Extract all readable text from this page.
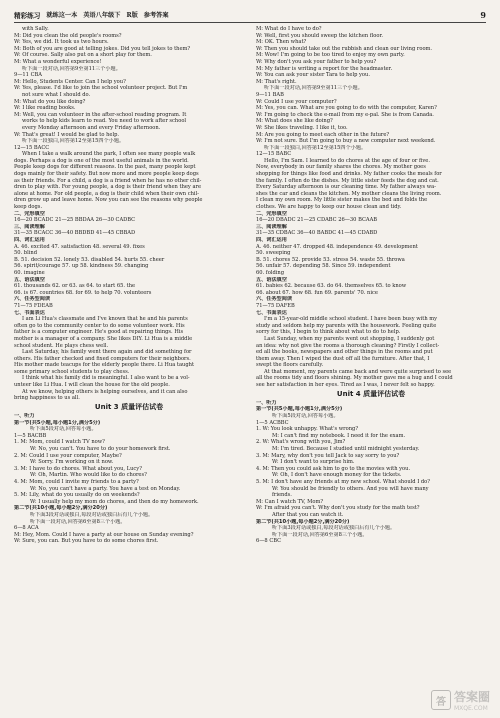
精彩练习 就练这一本 英语八年级下 R版 参考答案	9
with Sally.
M: Did you clean the old people's rooms?
W: Yes, we did. It took us two hours.
M: Both of you are good at telling jokes. Did you tell jokes to them?
W: Of course. Sally also put on a short play for them.
M: What a wonderful experience!
听下面一段对话,回答第9至第11三个小题。
9—11 CBA
M: Hello, Students Center. Can I help you?
W: Yes, please. I'd like to join the school volunteer project. But I'm
not sure what I should do.
M: What do you like doing?
W: I like reading books.
M: Well, you can volunteer in the after-school reading program. It
works to help kids learn to read. You need to work after school
every Monday afternoon and every Friday afternoon.
W: That's great! I would be glad to help.
听下面一段独白,回答第12至第15四个小题。
12—15 BACC
When I take a walk around the park, I often see many people walk
dogs. Perhaps a dog is one of the most useful animals in the world.
People keep dogs for different reasons. In the past, many people kept
dogs mainly for their safety. But now more and more people keep dogs
as their friends. For a child, a dog is a friend when he has no other chil-
dren to play with. For young people, a dog is their friend when they are
alone at home. For old people, a dog is their child when their own chil-
dren grow up and leave home. Now you can see the reasons why people
keep dogs.
二、完形填空
16—20 BCADC 21—25 BBDAA 26—30 CADBC
三、阅读理解
31—35 BCACC 36—40 BBDBD 41—45 CBBAD
四、词汇运用
A. 46. excited 47. satisfaction 48. several 49. fixes
50. blind
B. 51. decision 52. lonely 53. disabled 54. hurts 55. cheer
56. spirit/courage 57. up 58. kindness 59. changing
60. imagine
五、语法填空
61. thousands 62. or 63. as 64. to start 65. the
66. is 67. countries 68. for 69. to help 70. volunteers
六、任务型阅读
71—75 FDEAB
七、书面表达
I am Li Hua's classmate and I've known that he and his parents
often go to the community center to do some volunteer work. His
father is a computer engineer. He's good at repairing things. His
mother is a manager of a company. She likes DIY. Li Hua is a middle
school student. He plays chess well.
Last Saturday, his family went there again and did something for
others. His father checked and fixed computers for their neighbors.
His mother made teacups for the elderly people there. Li Hua taught
some primary school students to play chess.
I think what his family did is meaningful. I also want to be a vol-
unteer like Li Hua. I will clean the house for the old people.
At we know, helping others is helping ourselves, and it can also
bring happiness to us all.
Unit 3 质量评估试卷
一、听力
第一节(共5小题,每小题1分,满分5分)
听下面5段对话,回答每小题。
1—5 BACBB
1. M: Mom, could I watch TV now?
W: No, you can't. You have to do your homework first.
2. M: Could I use your computer, Maybe?
W: Sorry. I'm working on it now.
3. M: I have to do chores. What about you, Lucy?
W: Oh, Martin. Who would like to do chores?
4. M: Mom, could I invite my friends to a party?
W: No, you can't have a party. You have a test on Monday.
5. M: Lily, what do you usually do on weekends?
W: I usually help my mom do chores, and then do my homework.
第二节(共10小题,每小题2分,满分20分)
听下面3段对话或独白,每段对话或独白后有几个小题。
听下面一段对话,回答第6至第8三个小题。
6—8 ACA
M: Hey, Mom. Could I have a party at our house on Sunday evening?
W: Sure, you can. But you have to do some chores first.
M: What do I have to do?
W: Well, first you should sweep the kitchen floor.
M: OK. Then what?
W: Then you should take out the rubbish and clean our living room.
M: Wow! I'm going to be too tired to enjoy my own party.
W: Why don't you ask your father to help you?
M: My father is writing a report for the headmaster.
W: You can ask your sister Tara to help you.
M: That's right.
听下面一段对话,回答第9至第11三个小题。
9—11 BAB
W: Could I use your computer?
M: Yes, you can. What are you going to do with the computer, Karen?
W: I'm going to check the e-mail from my e-pal. She is from Canada.
M: What does she like doing?
W: She likes traveling. I like it, too.
M: Are you going to meet each other in the future?
W: I'm not sure. But I'm going to buy a new computer next weekend.
听下面一段独白,回答第12至第15四个小题。
12—15 BABC
Hello, I'm Sam. I learned to do chores at the age of four or five.
Now, everybody in our family shares the chores. My mother goes
shopping for things like food and drinks. My father cooks the meals for
the family. I often do the dishes. My little sister feeds the dog and cat.
Every Saturday afternoon is our cleaning time. My father always wa-
shes the car and cleans the kitchen. My mother cleans the living room.
I clean my own room. My little sister makes the bed and folds the
clothes. We are happy to keep our house clean and tidy.
二、完形填空
16—20 DBADC 21—25 CDABC 26—30 BCAAB
三、阅读理解
31—35 CDBAC 36—40 BABDC 41—45 CDABD
四、词汇运用
A. 46. neither 47. dropped 48. independence 49. development
50. sweeping
B. 51. chores 52. provide 53. stress 54. waste 55. throwa
56. unfair 57. depending 58. Since 59. independent
60. folding
五、语法填空
61. babies 62. because 63. do 64. themselves 65. to know
66. about 67. how 68. fun 69. parents' 70. nice
六、任务型阅读
71—75 DAFEB
七、书面表达
I'm a 15-year-old middle school student. I have been busy with my
study and seldom help my parents with the housework. Feeling quite
sorry for this, I begin to think about what to do to help.
Last Sunday, when my parents went out shopping, I suddenly got
an idea: why not give the rooms a thorough cleaning? Firstly I collect-
ed all the books, newspapers and other things in the rooms and put
them away. Then I wiped the dust off all the furniture. After that, I
swept the floors carefully.
At that moment, my parents came back and were quite surprised to see
all the rooms tidy and floors shining. My mother gave me a hug and I could
see her satisfaction in her eyes. Tired as I was, I never felt so happy.
Unit 4 质量评估试卷
一、听力
第一节(共5小题,每小题1分,满分5分)
听下面5段对话,回答每小题。
1—5 ACBBC
1. W: You look unhappy. What's wrong?
M: I can't find my notebook. I need it for the exam.
2. W: What's wrong with you, Jim?
M: I'm tired. Because I studied until midnight yesterday.
3. M: Mary, why don't you tell Jack to say sorry to you?
W: I don't want to surprise him.
4. M: Then you could ask him to go to the movies with you.
W: Oh, I don't have enough money for the tickets.
5. M: I don't have any friends at my new school. What should I do?
W: You should be friendly to others. And you will have many
friends.
M: Can I watch TV, Mom?
W: I'm afraid you can't. Why don't you study for the math test?
After that you can watch it.
第二节(共10小题,每小题2分,满分20分)
听下面3段对话或独白,每段对话或独白后有几个小题。
听下面一段对话,回答第6至第8三个小题。
6—8 CBC
答 答案圈
MXQE.COM
